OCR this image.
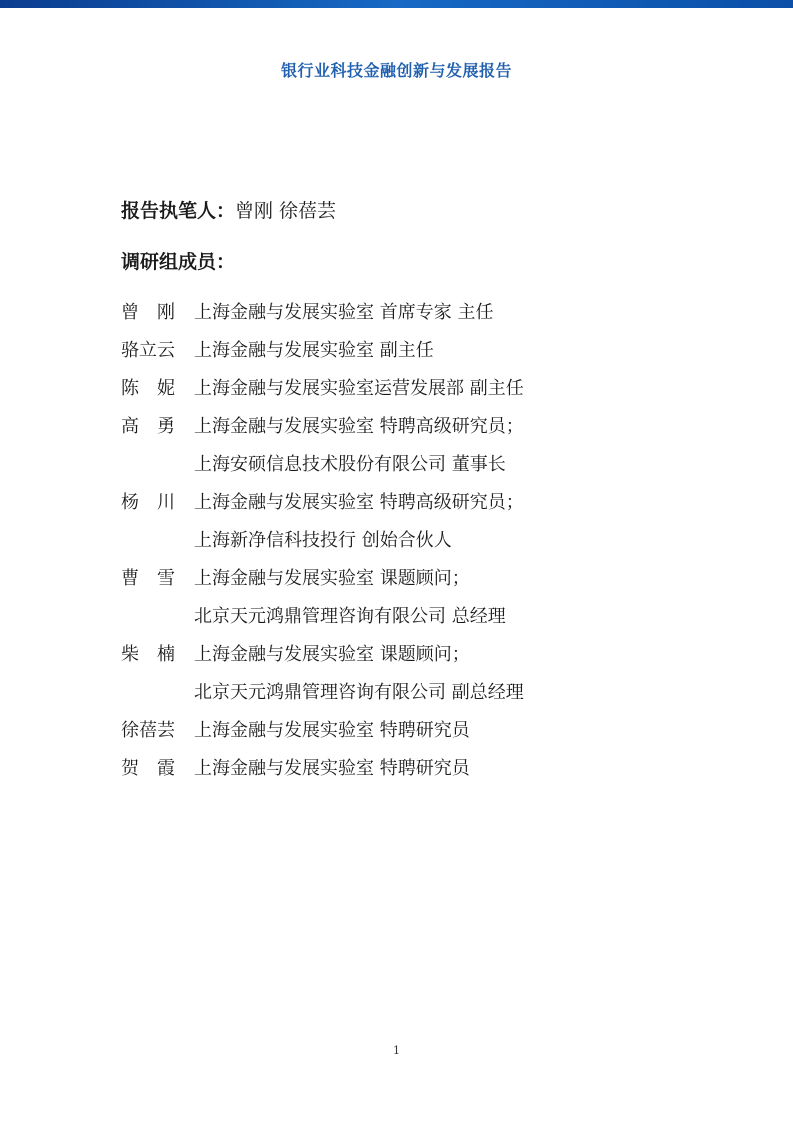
银行业科技金融创新与发展报告
报告执笔人：曾刚 徐蓓芸
调研组成员：
曾　刚	上海金融与发展实验室 首席专家 主任
骆立云	上海金融与发展实验室 副主任
陈　妮	上海金融与发展实验室运营发展部 副主任
高　勇	上海金融与发展实验室 特聘高级研究员；
上海安硕信息技术股份有限公司 董事长
杨　川	上海金融与发展实验室 特聘高级研究员；
上海新净信科技投行 创始合伙人
曹　雪	上海金融与发展实验室 课题顾问；
北京天元鸿鼎管理咨询有限公司 总经理
柴　楠	上海金融与发展实验室 课题顾问；
北京天元鸿鼎管理咨询有限公司 副总经理
徐蓓芸	上海金融与发展实验室 特聘研究员
贺　霞	上海金融与发展实验室 特聘研究员
1
